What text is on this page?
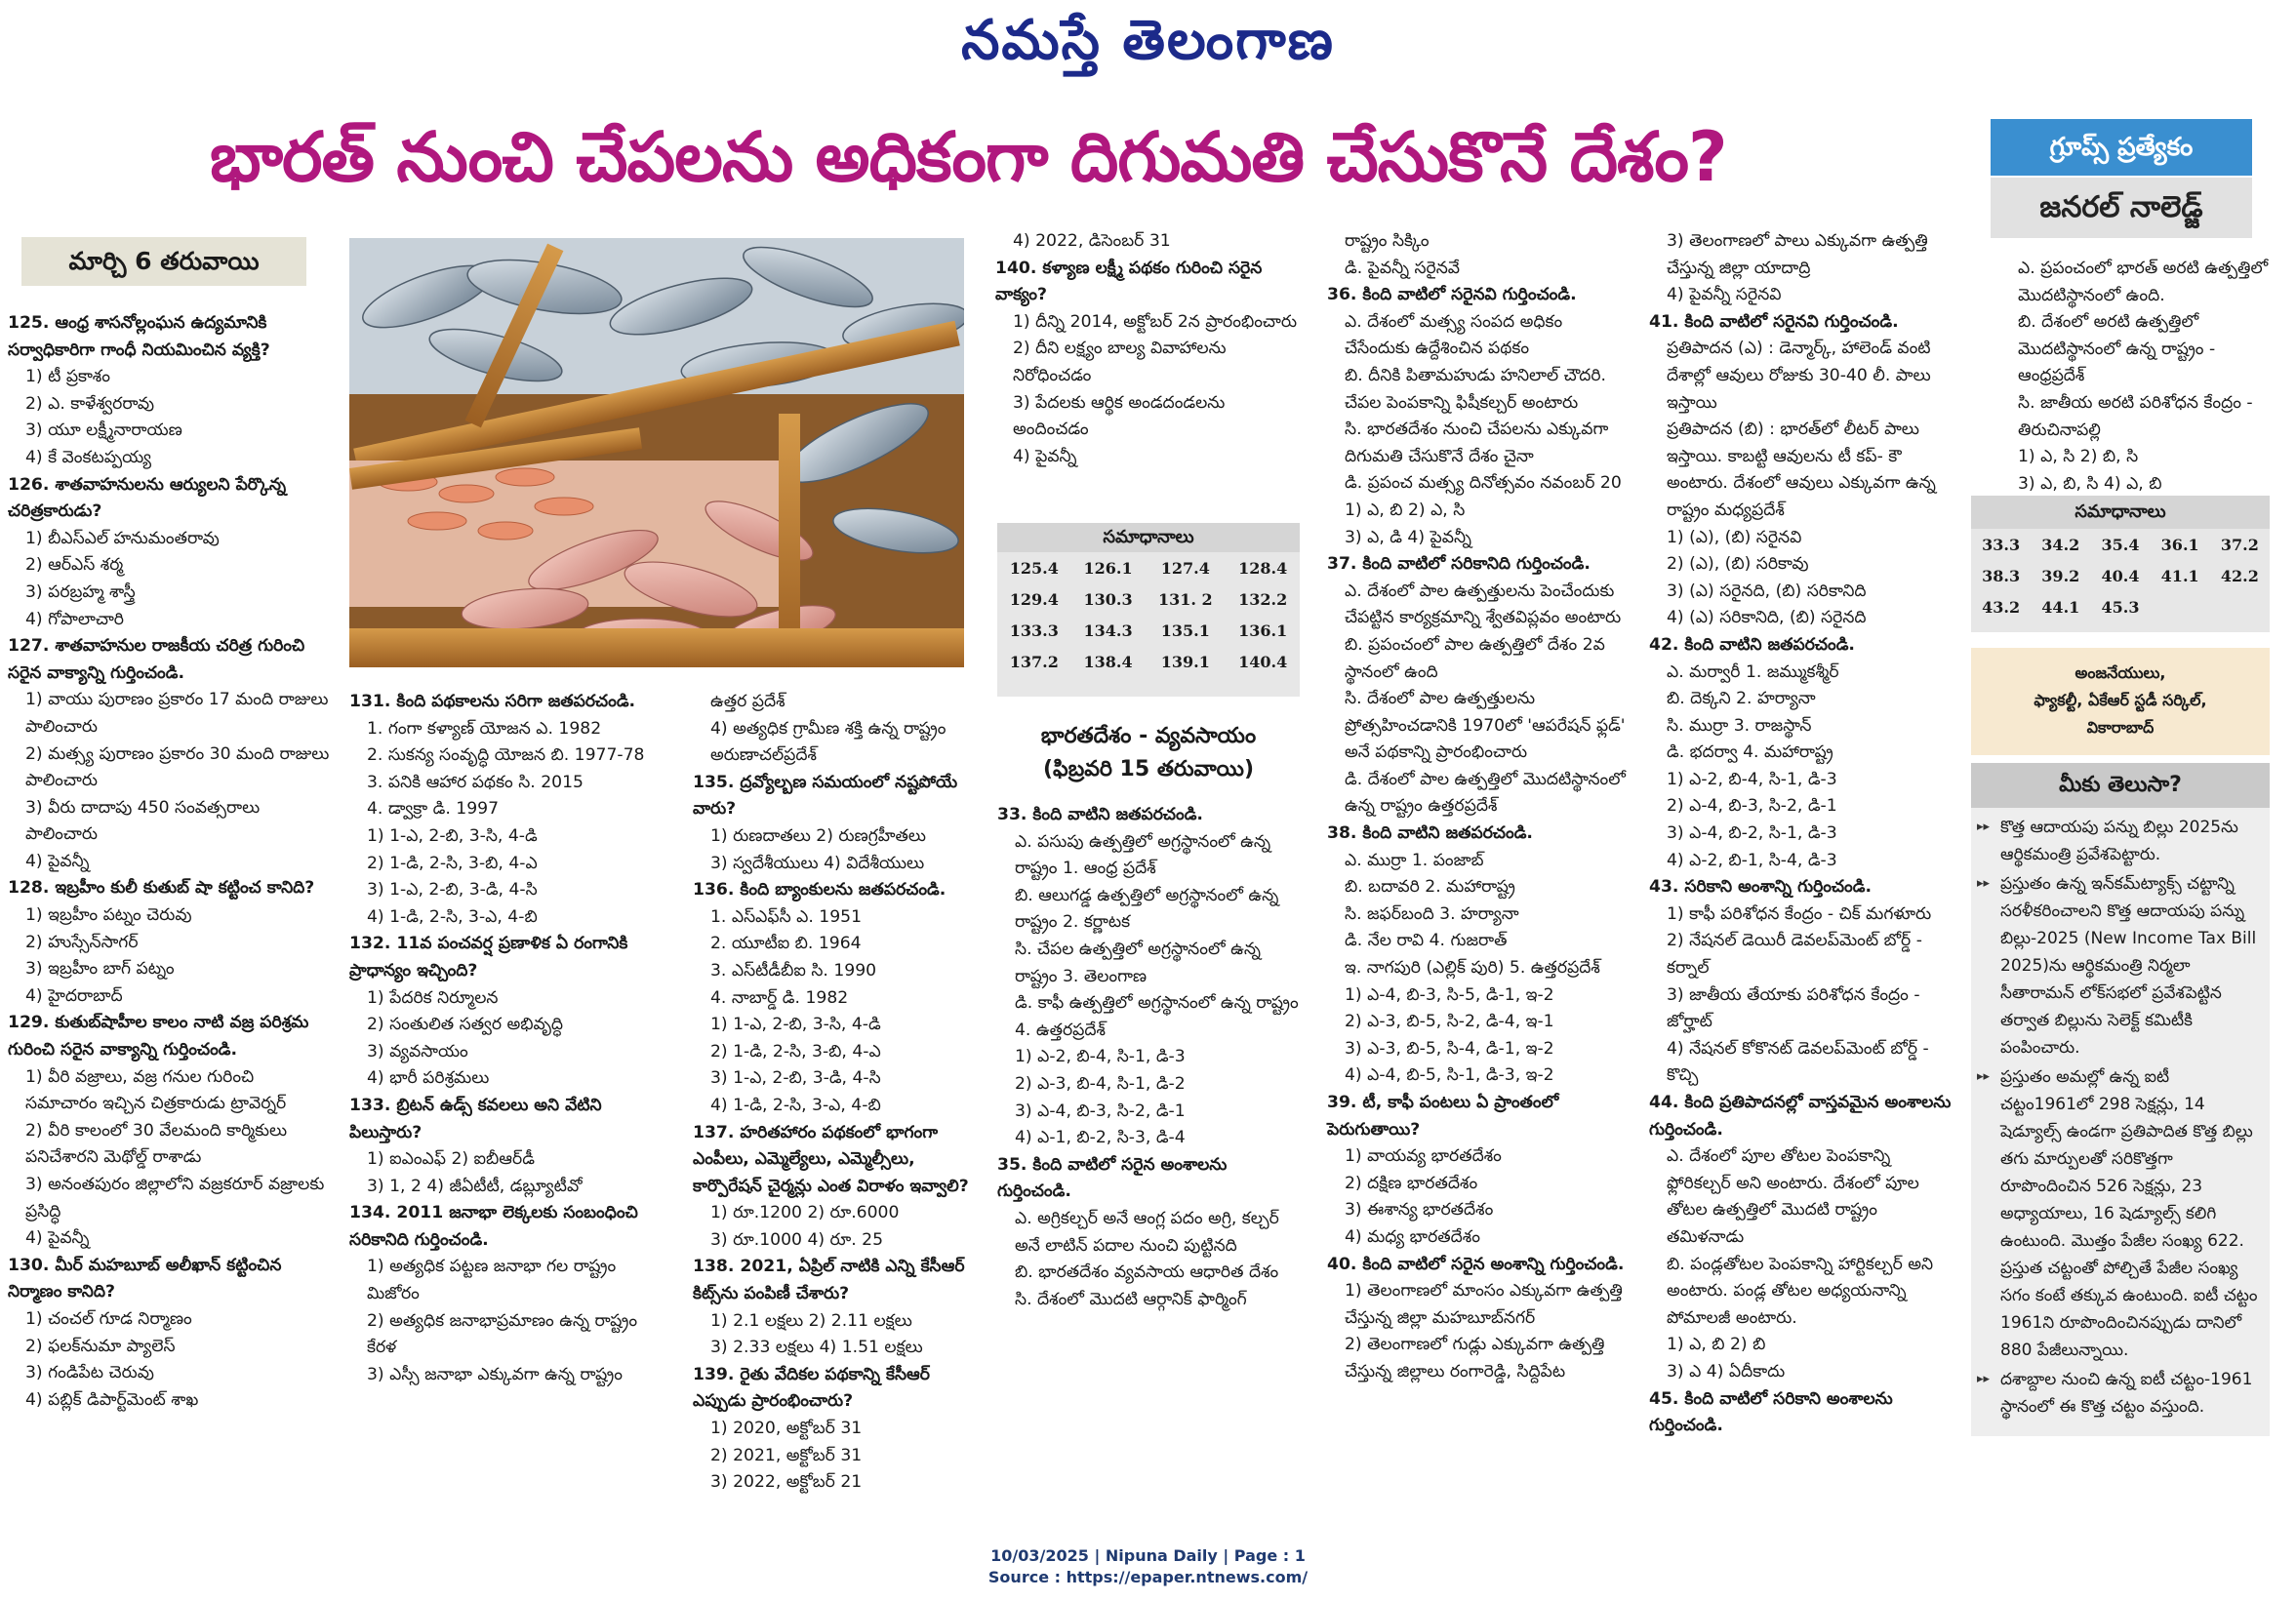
నమస్తే తెలంగాణ
భారత్ నుంచి చేపలను అధికంగా దిగుమతి చేసుకొనే దేశం?	గ్రూప్స్ ప్రత్యేకం
జనరల్ నాలెడ్జ్
మార్చి 6 తరువాయి

125. ఆంధ్ర శాసనోల్లంఘన ఉద్యమానికి సర్వాధికారిగా గాంధీ నియమించిన వ్యక్తి?

1) టీ ప్రకాశం

2) ఎ. కాళేశ్వరరావు

3) యూ లక్ష్మీనారాయణ

4) కే వెంకటప్పయ్య

126. శాతవాహనులను ఆర్యులని పేర్కొన్న చరిత్రకారుడు?

1) బీఎస్ఎల్ హనుమంతరావు

2) ఆర్ఎస్ శర్మ

3) పరబ్రహ్మ శాస్త్రీ

4) గోపాలాచారి

127. శాతవాహనుల రాజకీయ చరిత్ర గురించి సరైన వాక్యాన్ని గుర్తించండి.

1) వాయు పురాణం ప్రకారం 17 మంది రాజులు పాలించారు

2) మత్స్య పురాణం ప్రకారం 30 మంది రాజులు పాలించారు

3) వీరు దాదాపు 450 సంవత్సరాలు పాలించారు

4) పైవన్నీ

128. ఇబ్రహీం కులీ కుతుబ్ షా కట్టించ కానిది?

1) ఇబ్రహీం పట్నం చెరువు

2) హుస్సేన్‌సాగర్

3) ఇబ్రహీం బాగ్ పట్నం

4) హైదరాబాద్

129. కుతుబ్‌షాహీల కాలం నాటి వజ్ర పరిశ్రమ గురించి సరైన వాక్యాన్ని గుర్తించండి.

1) వీరి వజ్రాలు, వజ్ర గనుల గురించి సమాచారం ఇచ్చిన చిత్రకారుడు ట్రావెర్నర్

2) వీరి కాలంలో 30 వేలమంది కార్మికులు పనిచేశారని మెథోల్డ్ రాశాడు

3) అనంతపురం జిల్లాలోని వజ్రకరూర్ వజ్రాలకు ప్రసిద్ధి

4) పైవన్నీ

130. మీర్ మహబూబ్ అలీఖాన్ కట్టించిన నిర్మాణం కానిది?

1) చంచల్ గూడ నిర్మాణం

2) ఫలక్‌నుమా ప్యాలెస్

3) గండిపేట చెరువు

4) పబ్లిక్ డిపార్ట్‌మెంట్ శాఖ

131. కింది పథకాలను సరిగా జతపరచండి.

1. గంగా కళ్యాణ్ యోజన ఎ. 1982

2. సుకన్య సంవృద్ధి యోజన బి. 1977-78

3. పనికి ఆహార పథకం సి. 2015

4. డ్వాక్రా డి. 1997

1) 1-ఎ, 2-బి, 3-సి, 4-డి

2) 1-డి, 2-సి, 3-బి, 4-ఎ

3) 1-ఎ, 2-బి, 3-డి, 4-సి

4) 1-డి, 2-సి, 3-ఎ, 4-బి

132. 11వ పంచవర్ష ప్రణాళిక ఏ రంగానికి ప్రాధాన్యం ఇచ్చింది?

1) పేదరిక నిర్మూలన

2) సంతులిత సత్వర అభివృద్ధి

3) వ్యవసాయం

4) భారీ పరిశ్రమలు

133. బ్రిటన్ ఉడ్స్ కవలలు అని వేటిని పిలుస్తారు?

1) ఐఎంఎఫ్ 2) ఐబీఆర్‌డీ

3) 1, 2 4) జీఏటీటీ, డబ్ల్యూటీవో

134. 2011 జనాభా లెక్కలకు సంబంధించి సరికానిది గుర్తించండి.

1) అత్యధిక పట్టణ జనాభా గల రాష్ట్రం మిజోరం

2) అత్యధిక జనాభాప్రమాణం ఉన్న రాష్ట్రం కేరళ

3) ఎస్సీ జనాభా ఎక్కువగా ఉన్న రాష్ట్రం

ఉత్తర ప్రదేశ్

4) అత్యధిక గ్రామీణ శక్తి ఉన్న రాష్ట్రం అరుణాచల్‌ప్రదేశ్

135. ద్రవ్యోల్బణ సమయంలో నష్టపోయే వారు?

1) రుణదాతలు 2) రుణగ్రహీతలు

3) స్వదేశీయులు 4) విదేశీయులు

136. కింది బ్యాంకులను జతపరచండి.

1. ఎస్‌ఎఫ్‌సీ ఎ. 1951

2. యూటీఐ బి. 1964

3. ఎస్‌టీడీబీఐ సి. 1990

4. నాబార్డ్ డి. 1982

1) 1-ఎ, 2-బి, 3-సి, 4-డి

2) 1-డి, 2-సి, 3-బి, 4-ఎ

3) 1-ఎ, 2-బి, 3-డి, 4-సి

4) 1-డి, 2-సి, 3-ఎ, 4-బి

137. హరితహారం పథకంలో భాగంగా ఎంపీలు, ఎమ్మెల్యేలు, ఎమ్మెల్సీలు, కార్పొరేషన్ చైర్మన్లు ఎంత విరాళం ఇవ్వాలి?

1) రూ.1200 2) రూ.6000

3) రూ.1000 4) రూ. 25

138. 2021, ఏప్రిల్ నాటికి ఎన్ని కేసీఆర్ కిట్స్‌ను పంపిణీ చేశారు?

1) 2.1 లక్షలు 2) 2.11 లక్షలు

3) 2.33 లక్షలు 4) 1.51 లక్షలు

139. రైతు వేదికల పథకాన్ని కేసీఆర్ ఎప్పుడు ప్రారంభించారు?

1) 2020, అక్టోబర్ 31

2) 2021, అక్టోబర్ 31

3) 2022, అక్టోబర్ 21

4) 2022, డిసెంబర్ 31

140. కళ్యాణ లక్ష్మీ పథకం గురించి సరైన వాక్యం?

1) దీన్ని 2014, అక్టోబర్ 2న ప్రారంభించారు

2) దీని లక్ష్యం బాల్య వివాహాలను నిరోధించడం

3) పేదలకు ఆర్థిక అండదండలను అందించడం

4) పైవన్నీ

సమాధానాలు
125.4	126.1	127.4	128.4
129.4	130.3	131. 2	132.2
133.3	134.3	135.1	136.1
137.2	138.4	139.1	140.4
భారతదేశం - వ్యవసాయం
(ఫిబ్రవరి 15 తరువాయి)

33. కింది వాటిని జతపరచండి.

ఎ. పసుపు ఉత్పత్తిలో అగ్రస్థానంలో ఉన్న రాష్ట్రం 1. ఆంధ్ర ప్రదేశ్

బి. ఆలుగడ్డ ఉత్పత్తిలో అగ్రస్థానంలో ఉన్న రాష్ట్రం 2. కర్ణాటక

సి. చేపల ఉత్పత్తిలో అగ్రస్థానంలో ఉన్న రాష్ట్రం 3. తెలంగాణ

డి. కాఫీ ఉత్పత్తిలో అగ్రస్థానంలో ఉన్న రాష్ట్రం 4. ఉత్తరప్రదేశ్

1) ఎ-2, బి-4, సి-1, డి-3

2) ఎ-3, బి-4, సి-1, డి-2

3) ఎ-4, బి-3, సి-2, డి-1

4) ఎ-1, బి-2, సి-3, డి-4

35. కింది వాటిలో సరైన అంశాలను గుర్తించండి.

ఎ. అగ్రికల్చర్ అనే ఆంగ్ల పదం అగ్రి, కల్చర్ అనే లాటిన్ పదాల నుంచి పుట్టినది

బి. భారతదేశం వ్యవసాయ ఆధారిత దేశం

సి. దేశంలో మొదటి ఆర్గానిక్ ఫార్మింగ్

రాష్ట్రం సిక్కిం

డి. పైవన్నీ సరైనవే

36. కింది వాటిలో సరైనవి గుర్తించండి.

ఎ. దేశంలో మత్స్య సంపద అధికం చేసేందుకు ఉద్దేశించిన పథకం

బి. దీనికి పితామహుడు హనిలాల్ చౌదరి. చేపల పెంపకాన్ని ఫిషీకల్చర్ అంటారు

సి. భారతదేశం నుంచి చేపలను ఎక్కువగా దిగుమతి చేసుకొనే దేశం చైనా

డి. ప్రపంచ మత్స్య దినోత్సవం నవంబర్ 20

1) ఎ, బి 2) ఎ, సి

3) ఎ, డి 4) పైవన్నీ

37. కింది వాటిలో సరికానిది గుర్తించండి.

ఎ. దేశంలో పాల ఉత్పత్తులను పెంచేందుకు చేపట్టిన కార్యక్రమాన్ని శ్వేతవిప్లవం అంటారు

బి. ప్రపంచంలో పాల ఉత్పత్తిలో దేశం 2వ స్థానంలో ఉంది

సి. దేశంలో పాల ఉత్పత్తులను ప్రోత్సహించడానికి 1970లో 'ఆపరేషన్ ఫ్లడ్' అనే పథకాన్ని ప్రారంభించారు

డి. దేశంలో పాల ఉత్పత్తిలో మొదటిస్థానంలో ఉన్న రాష్ట్రం ఉత్తరప్రదేశ్

38. కింది వాటిని జతపరచండి.

ఎ. ముర్రా 1. పంజాబ్

బి. బదావరి 2. మహారాష్ట్ర

సి. జఫర్‌బంది 3. హర్యానా

డి. నేల రావి 4. గుజరాత్

ఇ. నాగపురి (ఎల్లిక్ పురి) 5. ఉత్తరప్రదేశ్

1) ఎ-4, బి-3, సి-5, డి-1, ఇ-2

2) ఎ-3, బి-5, సి-2, డి-4, ఇ-1

3) ఎ-3, బి-5, సి-4, డి-1, ఇ-2

4) ఎ-4, బి-5, సి-1, డి-3, ఇ-2

39. టీ, కాఫీ పంటలు ఏ ప్రాంతంలో పెరుగుతాయి?

1) వాయవ్య భారతదేశం

2) దక్షిణ భారతదేశం

3) ఈశాన్య భారతదేశం

4) మధ్య భారతదేశం

40. కింది వాటిలో సరైన అంశాన్ని గుర్తించండి.

1) తెలంగాణలో మాంసం ఎక్కువగా ఉత్పత్తి చేస్తున్న జిల్లా మహబూబ్‌నగర్

2) తెలంగాణలో గుడ్లు ఎక్కువగా ఉత్పత్తి చేస్తున్న జిల్లాలు రంగారెడ్డి, సిద్దిపేట

3) తెలంగాణలో పాలు ఎక్కువగా ఉత్పత్తి చేస్తున్న జిల్లా యాదాద్రి

4) పైవన్నీ సరైనవి

41. కింది వాటిలో సరైనవి గుర్తించండి.

ప్రతిపాదన (ఎ) : డెన్మార్క్, హాలెండ్ వంటి దేశాల్లో ఆవులు రోజుకు 30-40 లీ. పాలు ఇస్తాయి

ప్రతిపాదన (బి) : భారత్‌లో లీటర్ పాలు ఇస్తాయి. కాబట్టి ఆవులను టీ కప్- కౌ అంటారు. దేశంలో ఆవులు ఎక్కువగా ఉన్న రాష్ట్రం మధ్యప్రదేశ్

1) (ఎ), (బి) సరైనవి

2) (ఎ), (బి) సరికావు

3) (ఎ) సరైనది, (బి) సరికానిది

4) (ఎ) సరికానిది, (బి) సరైనది

42. కింది వాటిని జతపరచండి.

ఎ. మర్వారీ 1. జమ్ముకశ్మీర్

బి. దెక్కని 2. హర్యానా

సి. ముర్రా 3. రాజస్థాన్

డి. భదర్వా 4. మహారాష్ట్ర

1) ఎ-2, బి-4, సి-1, డి-3

2) ఎ-4, బి-3, సి-2, డి-1

3) ఎ-4, బి-2, సి-1, డి-3

4) ఎ-2, బి-1, సి-4, డి-3

43. సరికాని అంశాన్ని గుర్తించండి.

1) కాఫీ పరిశోధన కేంద్రం - చిక్ మగళూరు

2) నేషనల్ డెయిరీ డెవలప్‌మెంట్ బోర్డ్ - కర్నాల్

3) జాతీయ తేయాకు పరిశోధన కేంద్రం - జోర్హాట్

4) నేషనల్ కోకొనట్ డెవలప్‌మెంట్ బోర్డ్ - కొచ్చి

44. కింది ప్రతిపాదనల్లో వాస్తవమైన అంశాలను గుర్తించండి.

ఎ. దేశంలో పూల తోటల పెంపకాన్ని ఫ్లోరికల్చర్ అని అంటారు. దేశంలో పూల తోటల ఉత్పత్తిలో మొదటి రాష్ట్రం తమిళనాడు

బి. పండ్లతోటల పెంపకాన్ని హార్టికల్చర్ అని అంటారు. పండ్ల తోటల అధ్యయనాన్ని పోమాలజీ అంటారు.

1) ఎ, బి 2) బి

3) ఎ 4) ఏదీకాదు

45. కింది వాటిలో సరికాని అంశాలను గుర్తించండి.

ఎ. ప్రపంచంలో భారత్ అరటి ఉత్పత్తిలో మొదటిస్థానంలో ఉంది.

బి. దేశంలో అరటి ఉత్పత్తిలో మొదటిస్థానంలో ఉన్న రాష్ట్రం - ఆంధ్రప్రదేశ్

సి. జాతీయ అరటి పరిశోధన కేంద్రం - తిరుచినాపల్లి

1) ఎ, సి 2) బి, సి

3) ఎ, బి, సి 4) ఎ, బి

సమాధానాలు
33.3	34.2	35.4	36.1	37.2
38.3	39.2	40.4	41.1	42.2
43.2	44.1	45.3		
అంజనేయులు,
ఫ్యాకల్టీ, ఏకేఆర్ స్టడీ సర్కిల్,
వికారాబాద్
మీకు తెలుసా?
▸▸ కొత్త ఆదాయపు పన్ను బిల్లు 2025ను ఆర్థికమంత్రి ప్రవేశపెట్టారు.
▸▸ ప్రస్తుతం ఉన్న ఇన్‌కమ్‌ట్యాక్స్ చట్టాన్ని సరళీకరించాలని కొత్త ఆదాయపు పన్ను బిల్లు-2025 (New Income Tax Bill 2025)ను ఆర్థికమంత్రి నిర్మలా సీతారామన్ లోక్‌సభలో ప్రవేశపెట్టిన తర్వాత బిల్లును సెలెక్ట్ కమిటీకి పంపించారు.
▸▸ ప్రస్తుతం అమల్లో ఉన్న ఐటీ చట్టం1961లో 298 సెక్షన్లు, 14 షెడ్యూల్స్ ఉండగా ప్రతిపాదిత కొత్త బిల్లు తగు మార్పులతో సరికొత్తగా రూపొందించిన 526 సెక్షన్లు, 23 అధ్యాయాలు, 16 షెడ్యూల్స్ కలిగి ఉంటుంది. మొత్తం పేజీల సంఖ్య 622. ప్రస్తుత చట్టంతో పోల్చితే పేజీల సంఖ్య సగం కంటే తక్కువ ఉంటుంది. ఐటీ చట్టం 1961ని రూపొందించినప్పుడు దానిలో 880 పేజీలున్నాయి.
▸▸ దశాబ్దాల నుంచి ఉన్న ఐటీ చట్టం-1961 స్థానంలో ఈ కొత్త చట్టం వస్తుంది.
10/03/2025 | Nipuna Daily | Page : 1
Source : https://epaper.ntnews.com/
